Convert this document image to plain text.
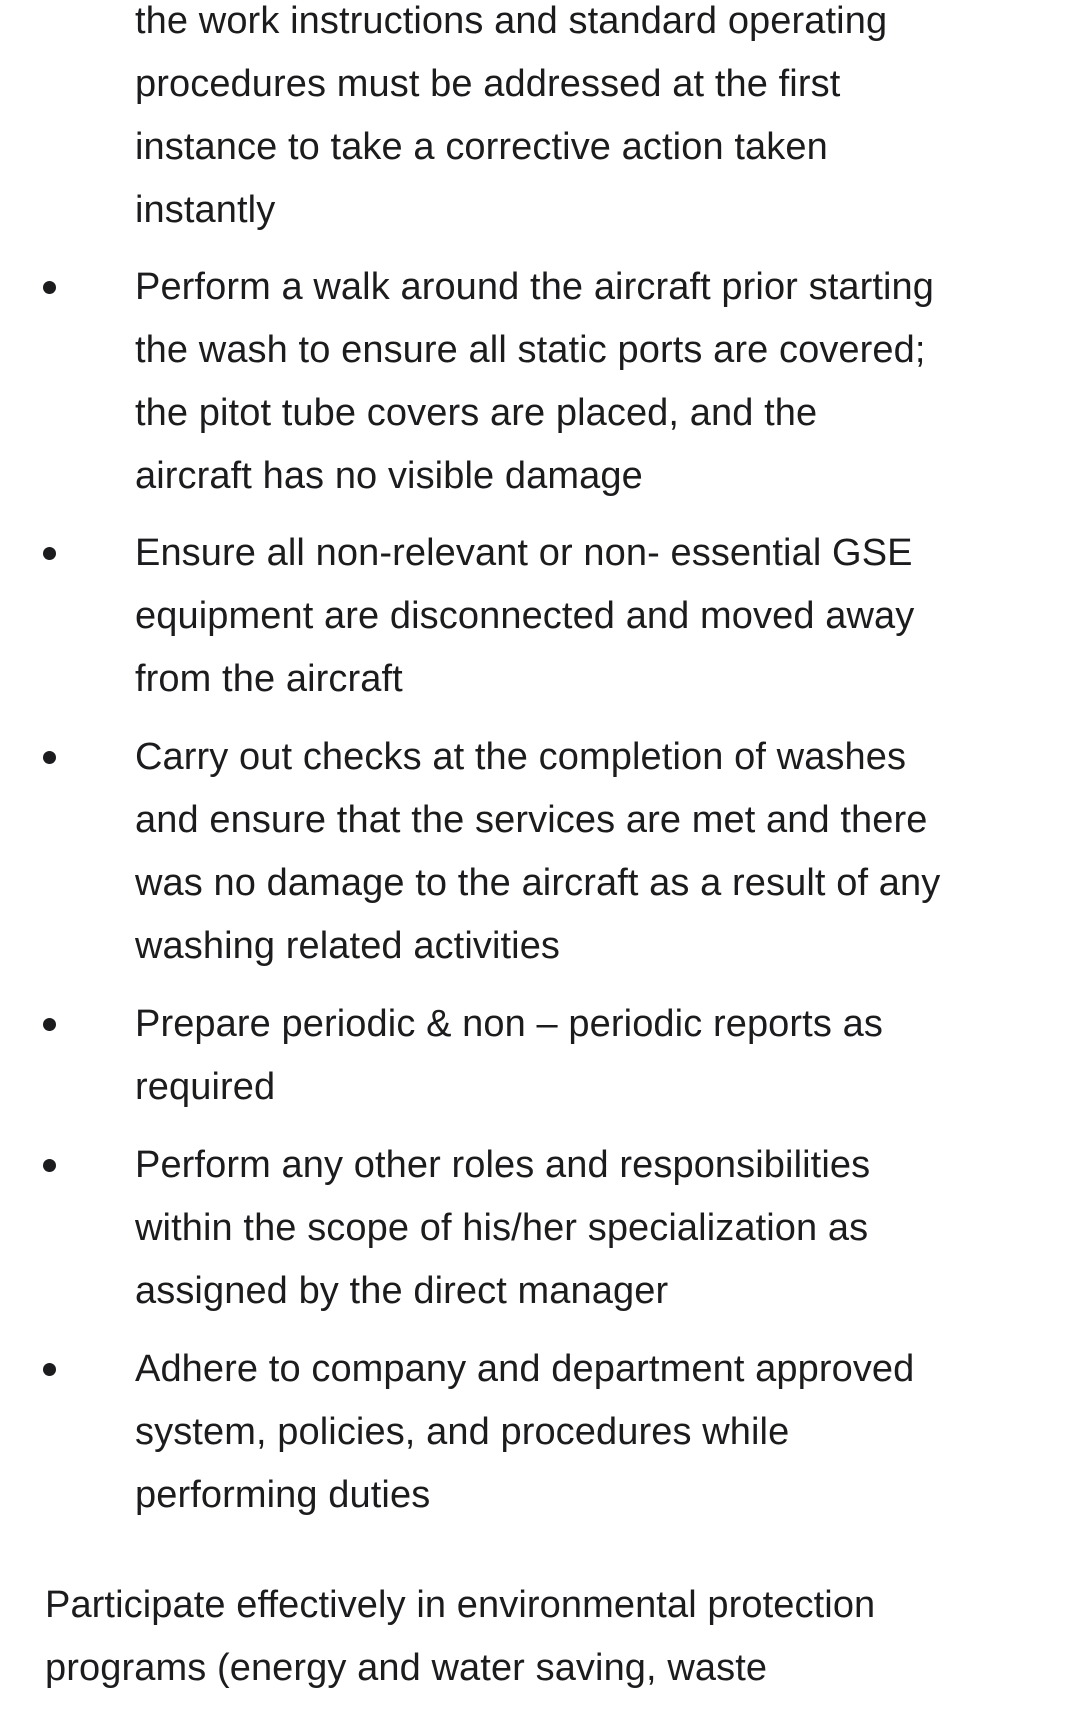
the work instructions and standard operating
procedures must be addressed at the first
instance to take a corrective action taken
instantly
Perform a walk around the aircraft prior starting
the wash to ensure all static ports are covered;
the pitot tube covers are placed, and the
aircraft has no visible damage
Ensure all non-relevant or non- essential GSE
equipment are disconnected and moved away
from the aircraft
Carry out checks at the completion of washes
and ensure that the services are met and there
was no damage to the aircraft as a result of any
washing related activities
Prepare periodic & non – periodic reports as
required
Perform any other roles and responsibilities
within the scope of his/her specialization as
assigned by the direct manager
Adhere to company and department approved
system, policies, and procedures while
performing duties
Participate effectively in environmental protection
programs (energy and water saving, waste
